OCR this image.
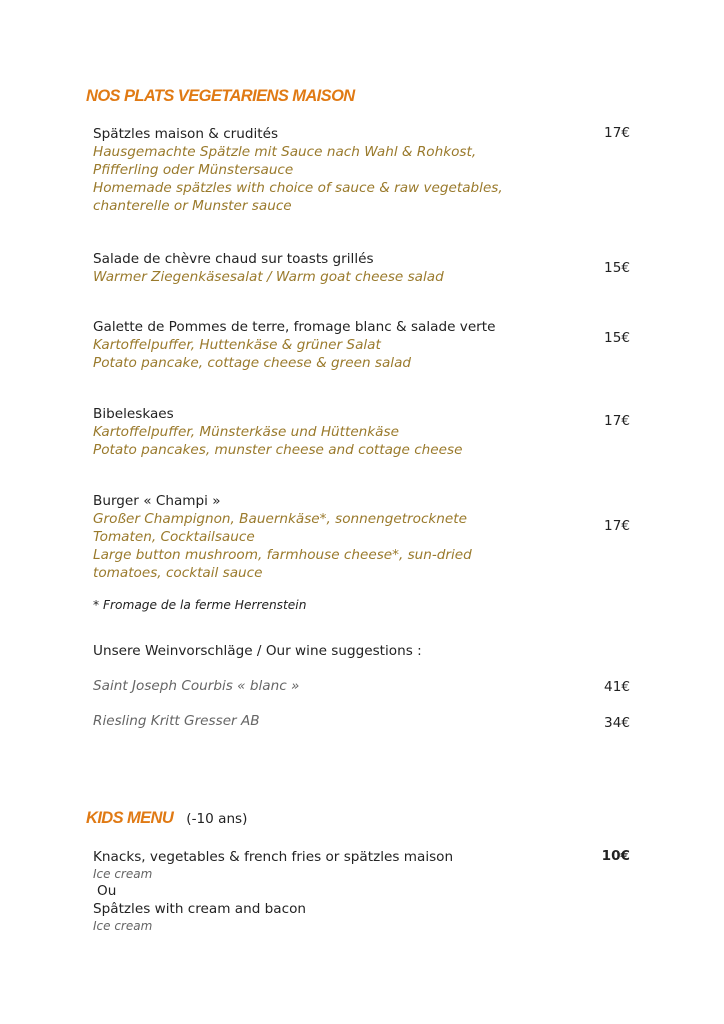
NOS PLATS VEGETARIENS MAISON
Spätzles maison & crudités
Hausgemachte Spätzle mit Sauce nach Wahl & Rohkost,
Pfifferling oder Münstersauce
Homemade spätzles with choice of sauce & raw vegetables,
chanterelle or Munster sauce
17€
Salade de chèvre chaud sur toasts grillés
Warmer Ziegenkäsesalat / Warm goat cheese salad
15€
Galette de Pommes de terre, fromage blanc & salade verte
Kartoffelpuffer, Huttenkäse & grüner Salat
Potato pancake, cottage cheese & green salad
15€
Bibeleskaes
Kartoffelpuffer, Münsterkäse und Hüttenkäse
Potato pancakes, munster cheese and cottage cheese
17€
Burger « Champi »
Großer Champignon, Bauernkäse*, sonnengetrocknete
Tomaten, Cocktailsauce
Large button mushroom, farmhouse cheese*, sun-dried
tomatoes, cocktail sauce
17€
* Fromage de la ferme Herrenstein
Unsere Weinvorschläge / Our wine suggestions :
Saint Joseph Courbis « blanc »	41€
Riesling Kritt Gresser AB	34€
KIDS MENU (-10 ans)
Knacks, vegetables & french fries or spätzles maison
Ice cream
Ou
Spâtzles with cream and bacon
Ice cream
10€
